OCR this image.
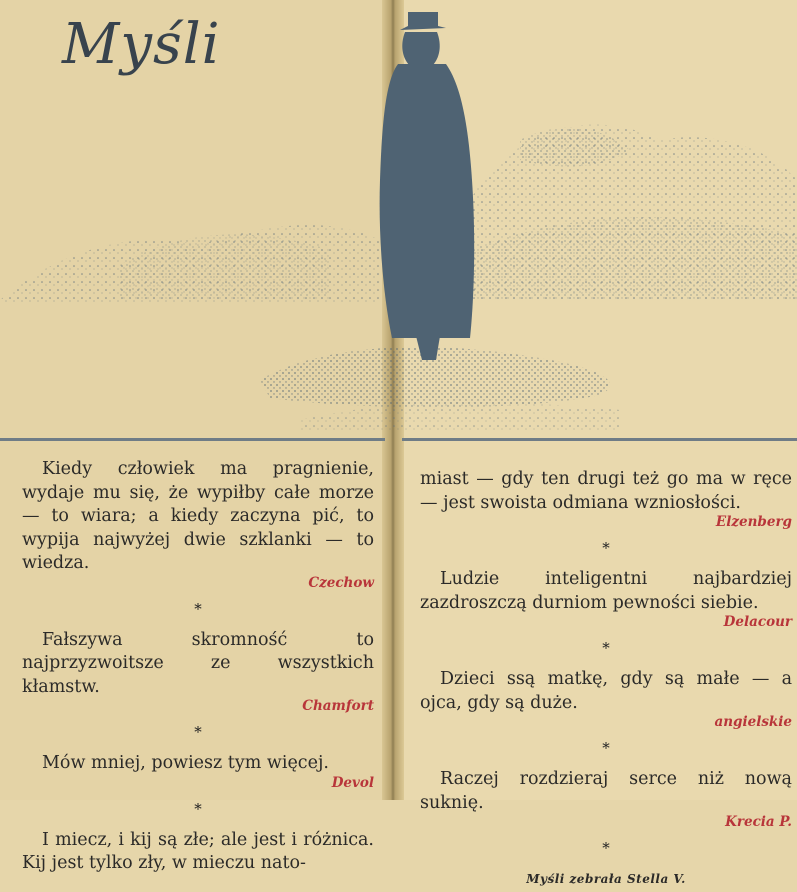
Myśli

Kiedy człowiek ma pragnienie, wydaje mu się, że wypiłby całe morze — to wiara; a kiedy zaczyna pić, to wypija najwyżej dwie szklanki — to wiedza.

Czechow

*

Fałszywa skromność to najprzyzwoitsze ze wszystkich kłamstw.

Chamfort

*

Mów mniej, powiesz tym więcej.

Devol

*

I miecz, i kij są złe; ale jest i różnica. Kij jest tylko zły, w mieczu nato-

miast — gdy ten drugi też go ma w ręce — jest swoista odmiana wzniosłości.

Elzenberg

*

Ludzie inteligentni najbardziej zazdroszczą durniom pewności siebie.

Delacour

*

Dzieci ssą matkę, gdy są małe — a ojca, gdy są duże.

angielskie

*

Raczej rozdzieraj serce niż nową suknię.

Krecia P.

*
Myśli zebrała Stella V.
